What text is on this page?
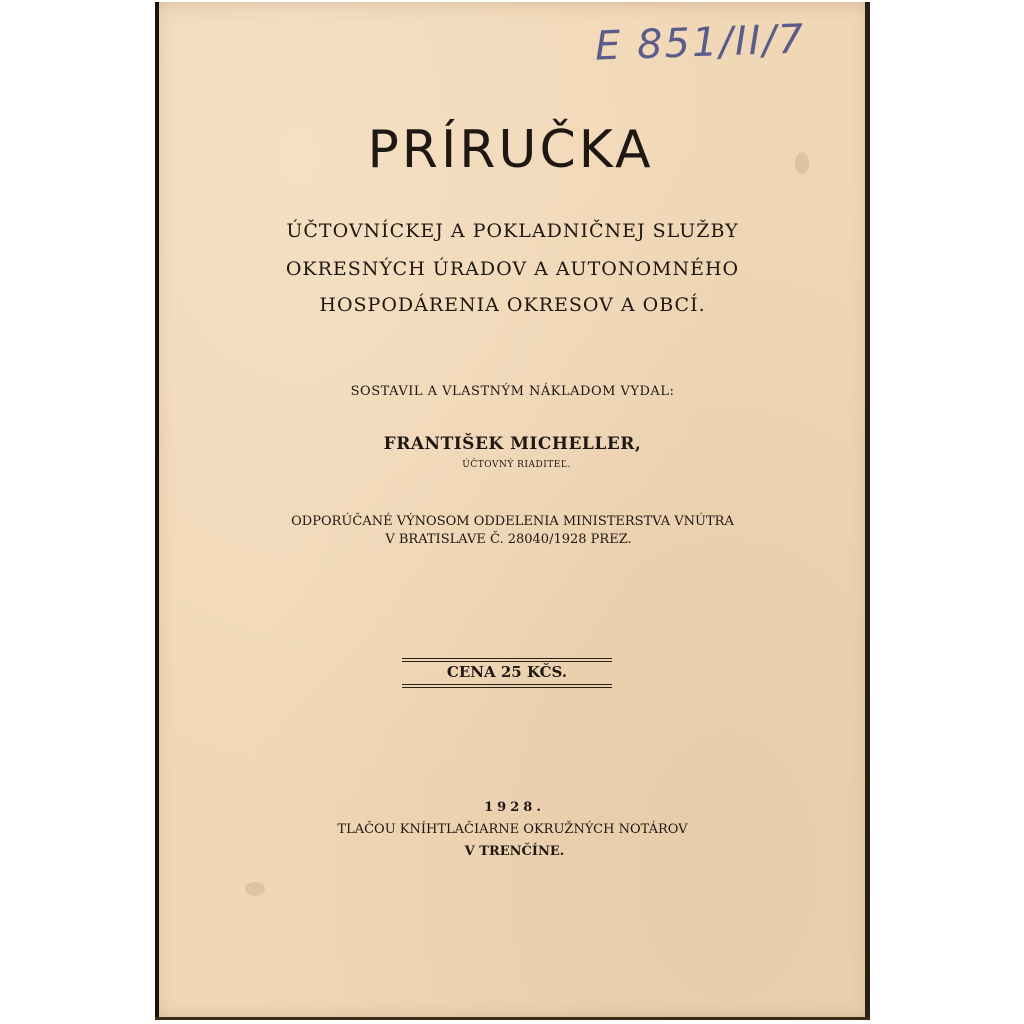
E 851/II/7
PRÍRUČKA
ÚČTOVNÍCKEJ A POKLADNIČNEJ SLUŽBY
OKRESNÝCH ÚRADOV A AUTONOMNÉHO
HOSPODÁRENIA OKRESOV A OBCÍ.
SOSTAVIL A VLASTNÝM NÁKLADOM VYDAL:
FRANTIŠEK MICHELLER,
ÚČTOVNÝ RIADITEĽ.
ODPORÚČANÉ VÝNOSOM ODDELENIA MINISTERSTVA VNÚTRA
V BRATISLAVE Č. 28040/1928 PREZ.
CENA 25 KČS.
1928.
TLAČOU KNÍHTLAČIARNE OKRUŽNÝCH NOTÁROV
V TRENČÍNE.
